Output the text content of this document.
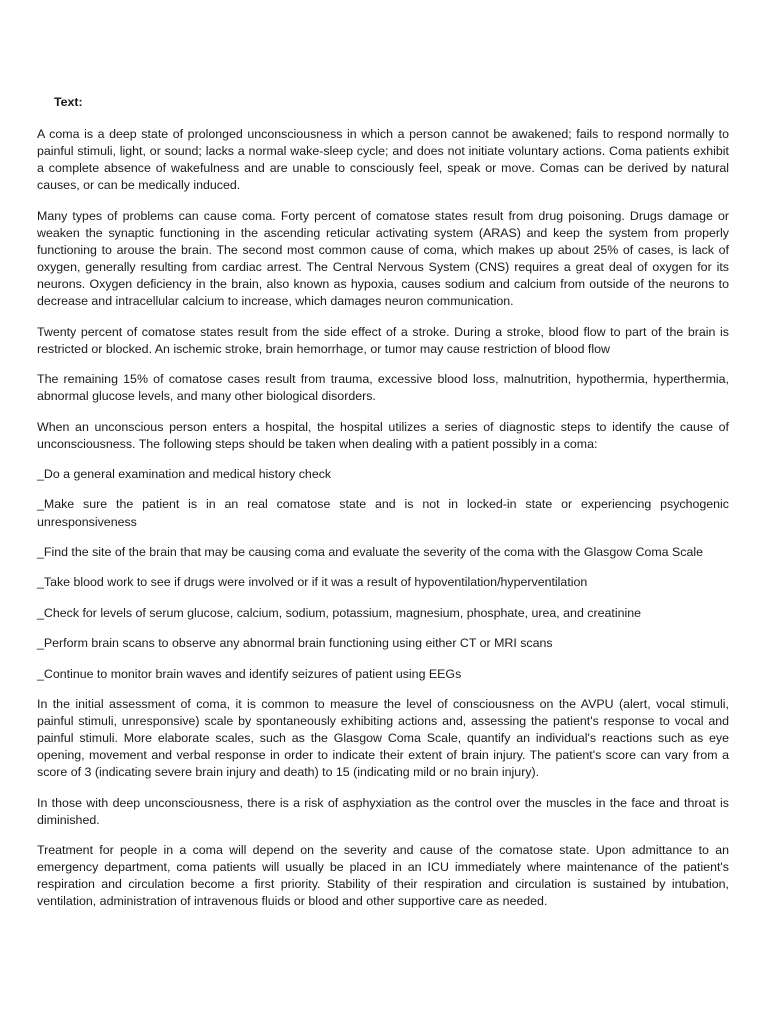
Text:

A coma is a deep state of prolonged unconsciousness in which a person cannot be awakened; fails to respond normally to painful stimuli, light, or sound; lacks a normal wake-sleep cycle; and does not initiate voluntary actions. Coma patients exhibit a complete absence of wakefulness and are unable to consciously feel, speak or move. Comas can be derived by natural causes, or can be medically induced.

Many types of problems can cause coma. Forty percent of comatose states result from drug poisoning. Drugs damage or weaken the synaptic functioning in the ascending reticular activating system (ARAS) and keep the system from properly functioning to arouse the brain. The second most common cause of coma, which makes up about 25% of cases, is lack of oxygen, generally resulting from cardiac arrest. The Central Nervous System (CNS) requires a great deal of oxygen for its neurons. Oxygen deficiency in the brain, also known as hypoxia, causes sodium and calcium from outside of the neurons to decrease and intracellular calcium to increase, which damages neuron communication.

Twenty percent of comatose states result from the side effect of a stroke. During a stroke, blood flow to part of the brain is restricted or blocked. An ischemic stroke, brain hemorrhage, or tumor may cause restriction of blood flow

The remaining 15% of comatose cases result from trauma, excessive blood loss, malnutrition, hypothermia, hyperthermia, abnormal glucose levels, and many other biological disorders.

When an unconscious person enters a hospital, the hospital utilizes a series of diagnostic steps to identify the cause of unconsciousness. The following steps should be taken when dealing with a patient possibly in a coma:

_Do a general examination and medical history check

_Make sure the patient is in an real comatose state and is not in locked-in state or experiencing psychogenic unresponsiveness

_Find the site of the brain that may be causing coma and evaluate the severity of the coma with the Glasgow Coma Scale

_Take blood work to see if drugs were involved or if it was a result of hypoventilation/hyperventilation

_Check for levels of serum glucose, calcium, sodium, potassium, magnesium, phosphate, urea, and creatinine

_Perform brain scans to observe any abnormal brain functioning using either CT or MRI scans

_Continue to monitor brain waves and identify seizures of patient using EEGs

In the initial assessment of coma, it is common to measure the level of consciousness on the AVPU (alert, vocal stimuli, painful stimuli, unresponsive) scale by spontaneously exhibiting actions and, assessing the patient's response to vocal and painful stimuli. More elaborate scales, such as the Glasgow Coma Scale, quantify an individual's reactions such as eye opening, movement and verbal response in order to indicate their extent of brain injury. The patient's score can vary from a score of 3 (indicating severe brain injury and death) to 15 (indicating mild or no brain injury).

In those with deep unconsciousness, there is a risk of asphyxiation as the control over the muscles in the face and throat is diminished.

Treatment for people in a coma will depend on the severity and cause of the comatose state. Upon admittance to an emergency department, coma patients will usually be placed in an ICU immediately where maintenance of the patient's respiration and circulation become a first priority. Stability of their respiration and circulation is sustained by intubation, ventilation, administration of intravenous fluids or blood and other supportive care as needed.
